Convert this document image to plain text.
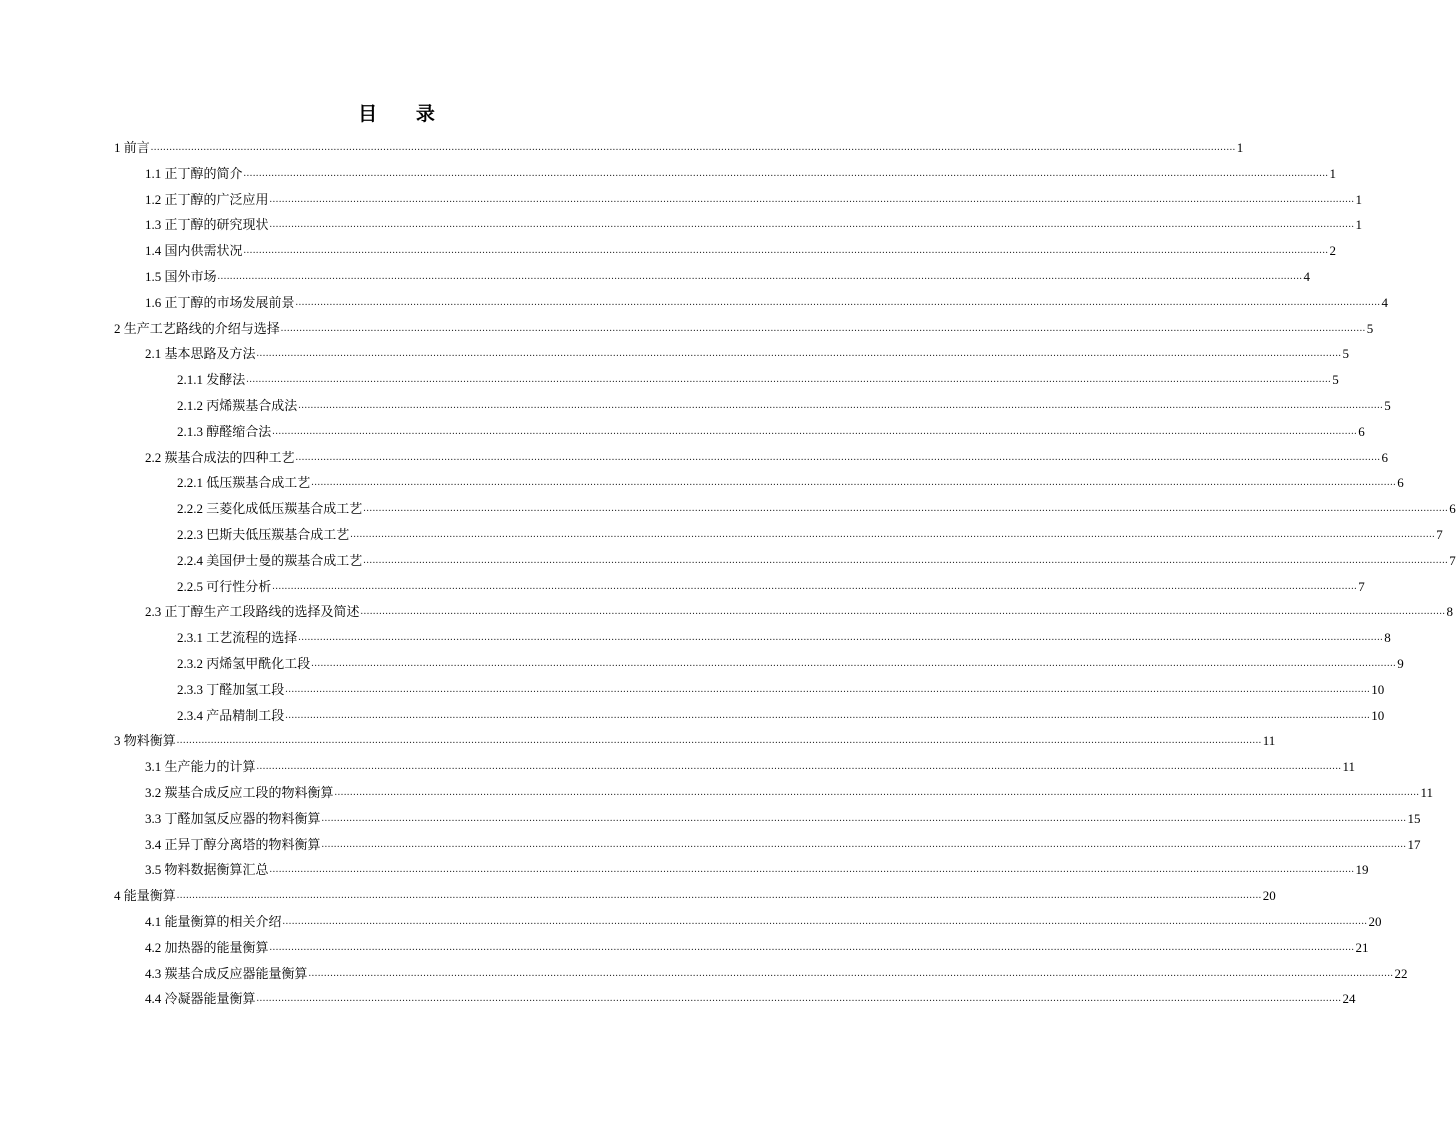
目 录
1 前言 .............................................................................................................................................................................................................................................................................................................................................................. 1
1.1 正丁醇的简介 .............................................................................................................................................................................................................................................................................................................................................................. 1
1.2 正丁醇的广泛应用 .............................................................................................................................................................................................................................................................................................................................................................. 1
1.3 正丁醇的研究现状 .............................................................................................................................................................................................................................................................................................................................................................. 1
1.4 国内供需状况 .............................................................................................................................................................................................................................................................................................................................................................. 2
1.5 国外市场 .............................................................................................................................................................................................................................................................................................................................................................. 4
1.6 正丁醇的市场发展前景 .............................................................................................................................................................................................................................................................................................................................................................. 4
2 生产工艺路线的介绍与选择 .............................................................................................................................................................................................................................................................................................................................................................. 5
2.1 基本思路及方法 .............................................................................................................................................................................................................................................................................................................................................................. 5
2.1.1 发酵法 .............................................................................................................................................................................................................................................................................................................................................................. 5
2.1.2 丙烯羰基合成法 .............................................................................................................................................................................................................................................................................................................................................................. 5
2.1.3 醇醛缩合法 .............................................................................................................................................................................................................................................................................................................................................................. 6
2.2 羰基合成法的四种工艺 .............................................................................................................................................................................................................................................................................................................................................................. 6
2.2.1 低压羰基合成工艺 .............................................................................................................................................................................................................................................................................................................................................................. 6
2.2.2 三菱化成低压羰基合成工艺 .............................................................................................................................................................................................................................................................................................................................................................. 6
2.2.3 巴斯夫低压羰基合成工艺 .............................................................................................................................................................................................................................................................................................................................................................. 7
2.2.4 美国伊士曼的羰基合成工艺 .............................................................................................................................................................................................................................................................................................................................................................. 7
2.2.5 可行性分析 .............................................................................................................................................................................................................................................................................................................................................................. 7
2.3 正丁醇生产工段路线的选择及简述 .............................................................................................................................................................................................................................................................................................................................................................. 8
2.3.1 工艺流程的选择 .............................................................................................................................................................................................................................................................................................................................................................. 8
2.3.2 丙烯氢甲酰化工段 .............................................................................................................................................................................................................................................................................................................................................................. 9
2.3.3 丁醛加氢工段 .............................................................................................................................................................................................................................................................................................................................................................. 10
2.3.4 产品精制工段 .............................................................................................................................................................................................................................................................................................................................................................. 10
3 物料衡算 .............................................................................................................................................................................................................................................................................................................................................................. 11
3.1 生产能力的计算 .............................................................................................................................................................................................................................................................................................................................................................. 11
3.2 羰基合成反应工段的物料衡算 .............................................................................................................................................................................................................................................................................................................................................................. 11
3.3 丁醛加氢反应器的物料衡算 .............................................................................................................................................................................................................................................................................................................................................................. 15
3.4 正异丁醇分离塔的物料衡算 .............................................................................................................................................................................................................................................................................................................................................................. 17
3.5 物料数据衡算汇总 .............................................................................................................................................................................................................................................................................................................................................................. 19
4 能量衡算 .............................................................................................................................................................................................................................................................................................................................................................. 20
4.1 能量衡算的相关介绍 .............................................................................................................................................................................................................................................................................................................................................................. 20
4.2 加热器的能量衡算 .............................................................................................................................................................................................................................................................................................................................................................. 21
4.3 羰基合成反应器能量衡算 .............................................................................................................................................................................................................................................................................................................................................................. 22
4.4 冷凝器能量衡算 .............................................................................................................................................................................................................................................................................................................................................................. 24
